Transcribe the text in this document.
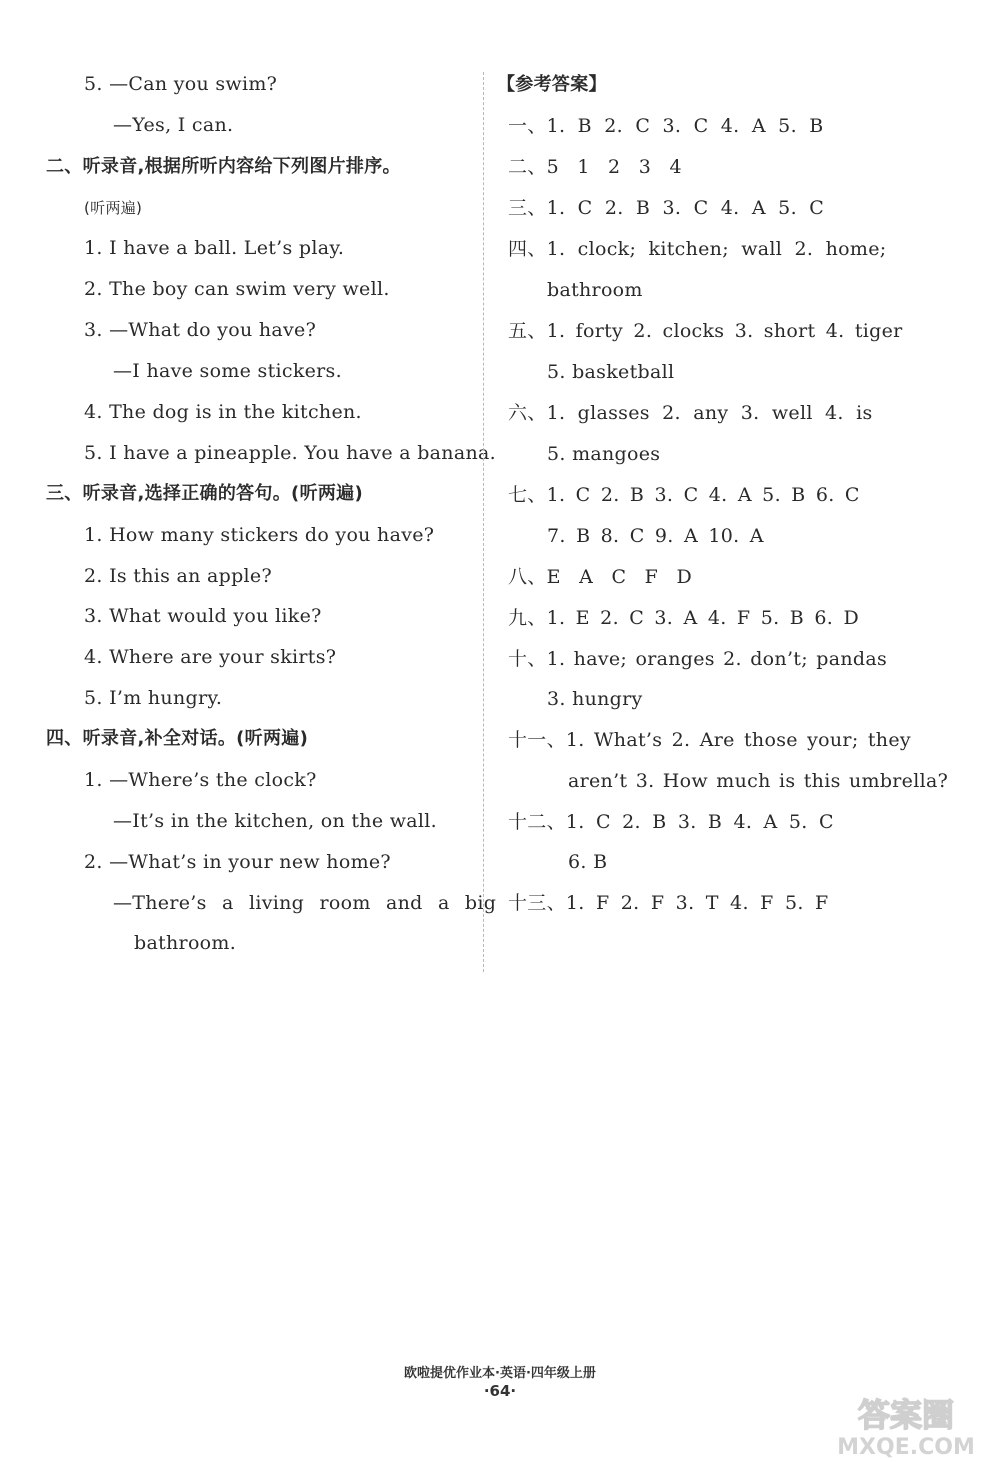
5. —Can you swim?
—Yes, I can.
二、听录音,根据所听内容给下列图片排序。
(听两遍)
1. I have a ball. Let’s play.
2. The boy can swim very well.
3. —What do you have?
—I have some stickers.
4. The dog is in the kitchen.
5. I have a pineapple. You have a banana.
三、听录音,选择正确的答句。(听两遍)
1. How many stickers do you have?
2. Is this an apple?
3. What would you like?
4. Where are your skirts?
5. I’m hungry.
四、听录音,补全对话。(听两遍)
1. —Where’s the clock?
—It’s in the kitchen, on the wall.
2. —What’s in your new home?
—There’s a living room and a big
bathroom.
【参考答案】
一、1. B 2. C 3. C 4. A 5. B
二、5 1 2 3 4
三、1. C 2. B 3. C 4. A 5. C
四、1. clock; kitchen; wall 2. home;
bathroom
五、1. forty 2. clocks 3. short 4. tiger
5. basketball
六、1. glasses 2. any 3. well 4. is
5. mangoes
七、1. C 2. B 3. C 4. A 5. B 6. C
7. B 8. C 9. A 10. A
八、E A C F D
九、1. E 2. C 3. A 4. F 5. B 6. D
十、1. have; oranges 2. don’t; pandas
3. hungry
十一、1. What’s 2. Are those your; they
aren’t 3. How much is this umbrella?
十二、1. C 2. B 3. B 4. A 5. C
6. B
十三、1. F 2. F 3. T 4. F 5. F
欧啦提优作业本·英语·四年级上册
·64·
答案圈
MXQE.COM
